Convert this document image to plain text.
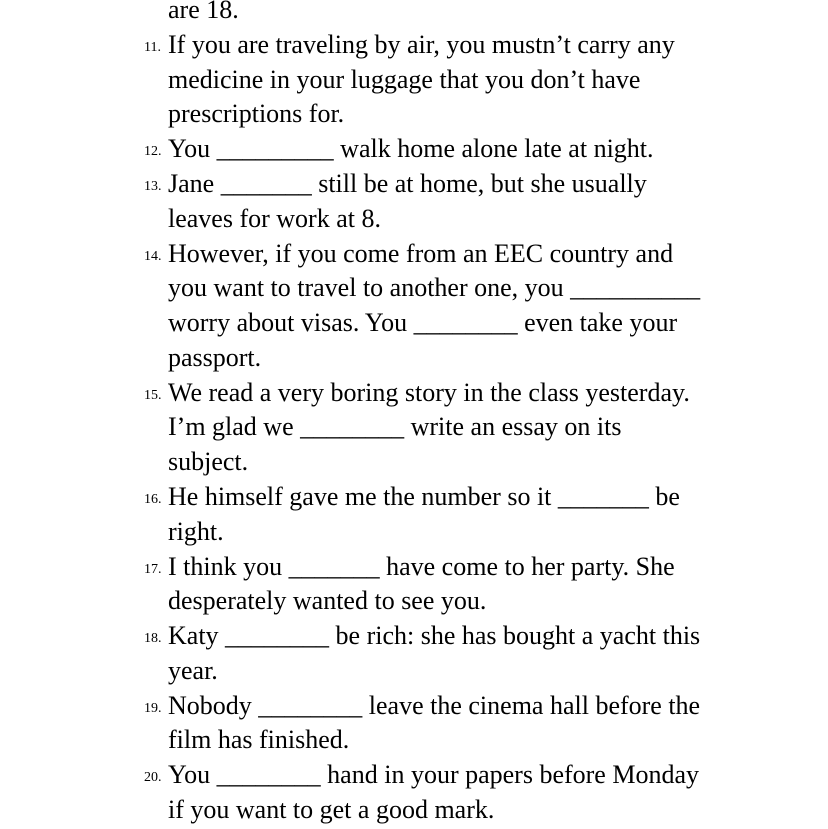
are 18.
11. If you are traveling by air, you mustn’t carry any
medicine in your luggage that you don’t have
prescriptions for.
12. You _________ walk home alone late at night.
13. Jane _______ still be at home, but she usually
leaves for work at 8.
14. However, if you come from an EEC country and
you want to travel to another one, you __________
worry about visas. You ________ even take your
passport.
15. We read a very boring story in the class yesterday.
I’m glad we ________ write an essay on its
subject.
16. He himself gave me the number so it _______ be
right.
17. I think you _______ have come to her party. She
desperately wanted to see you.
18. Katy ________ be rich: she has bought a yacht this
year.
19. Nobody ________ leave the cinema hall before the
film has finished.
20. You ________ hand in your papers before Monday
if you want to get a good mark.
